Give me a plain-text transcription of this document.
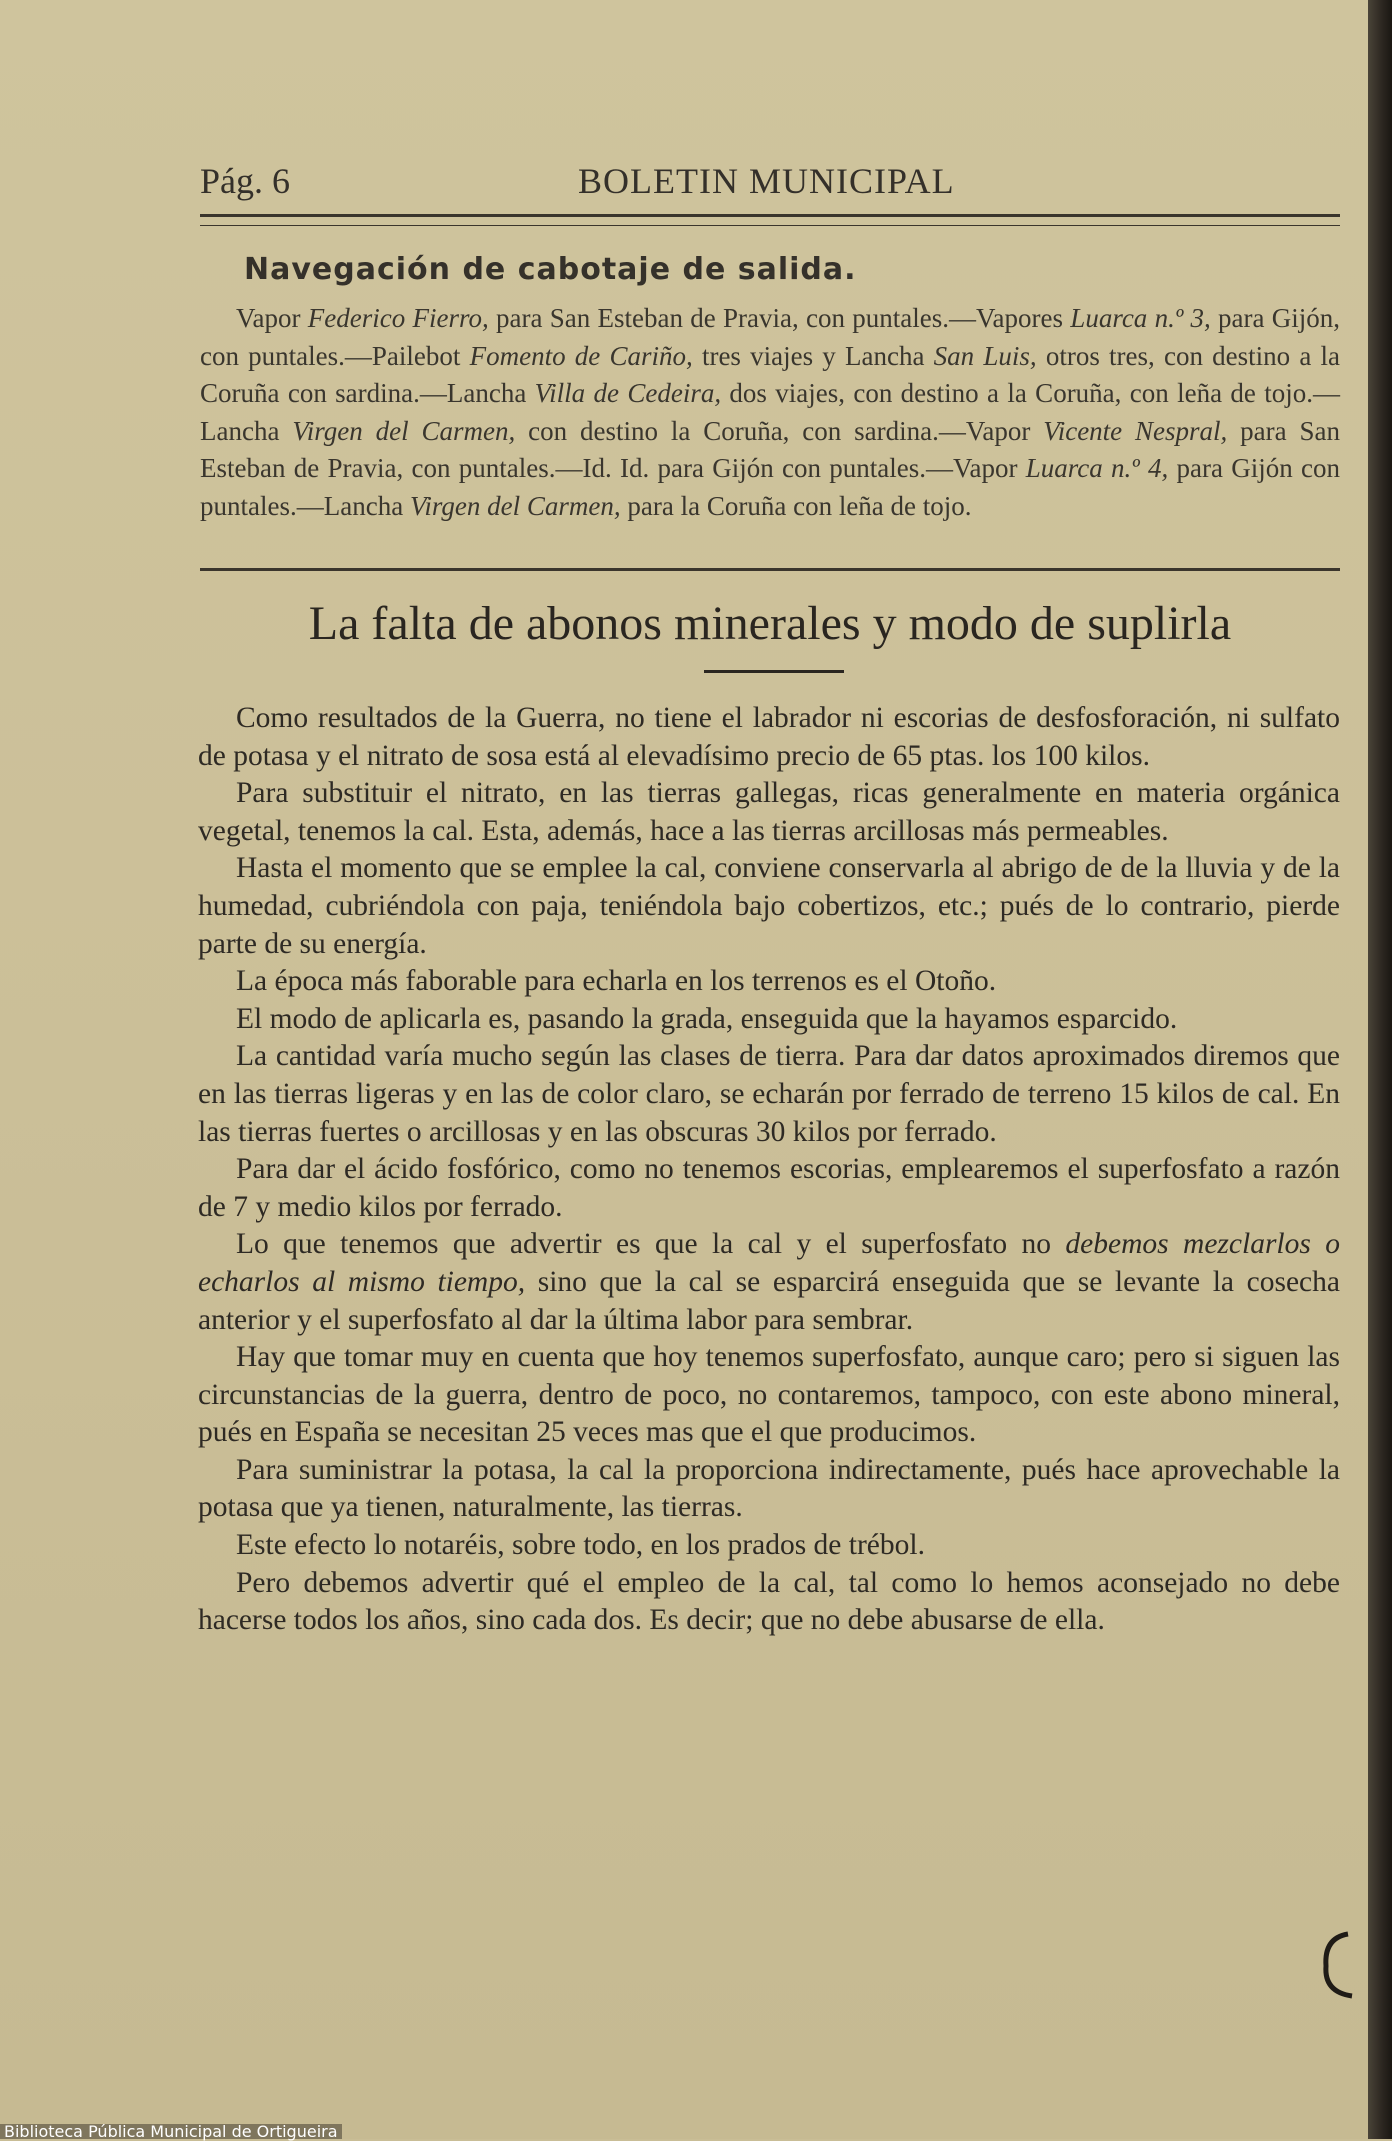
Pág. 6	BOLETIN MUNICIPAL
Navegación de cabotaje de salida.
Vapor Federico Fierro, para San Esteban de Pravia, con puntales.—Vapores Luarca n.º 3, para Gijón, con puntales.—Pailebot Fomento de Cariño, tres viajes y Lancha San Luis, otros tres, con destino a la Coruña con sardina.—Lancha Villa de Cedeira, dos viajes, con destino a la Coruña, con leña de tojo.—Lancha Virgen del Carmen, con destino la Coruña, con sardina.—Vapor Vicente Nespral, para San Esteban de Pravia, con puntales.—Id. Id. para Gijón con puntales.—Vapor Luarca n.º 4, para Gijón con puntales.—Lancha Virgen del Carmen, para la Coruña con leña de tojo.
La falta de abonos minerales y modo de suplirla

Como resultados de la Guerra, no tiene el labrador ni escorias de desfosforación, ni sulfato de potasa y el nitrato de sosa está al elevadísimo precio de 65 ptas. los 100 kilos.

Para substituir el nitrato, en las tierras gallegas, ricas generalmente en materia orgánica vegetal, tenemos la cal. Esta, además, hace a las tierras arcillosas más permeables.

Hasta el momento que se emplee la cal, conviene conservarla al abrigo de de la lluvia y de la humedad, cubriéndola con paja, teniéndola bajo cobertizos, etc.; pués de lo contrario, pierde parte de su energía.

La época más faborable para echarla en los terrenos es el Otoño.

El modo de aplicarla es, pasando la grada, enseguida que la hayamos esparcido.

La cantidad varía mucho según las clases de tierra. Para dar datos aproximados diremos que en las tierras ligeras y en las de color claro, se echarán por ferrado de terreno 15 kilos de cal. En las tierras fuertes o arcillosas y en las obscuras 30 kilos por ferrado.

Para dar el ácido fosfórico, como no tenemos escorias, emplearemos el superfosfato a razón de 7 y medio kilos por ferrado.

Lo que tenemos que advertir es que la cal y el superfosfato no debemos mezclarlos o echarlos al mismo tiempo, sino que la cal se esparcirá enseguida que se levante la cosecha anterior y el superfosfato al dar la última labor para sembrar.

Hay que tomar muy en cuenta que hoy tenemos superfosfato, aunque caro; pero si siguen las circunstancias de la guerra, dentro de poco, no contaremos, tampoco, con este abono mineral, pués en España se necesitan 25 veces mas que el que producimos.

Para suministrar la potasa, la cal la proporciona indirectamente, pués hace aprovechable la potasa que ya tienen, naturalmente, las tierras.

Este efecto lo notaréis, sobre todo, en los prados de trébol.

Pero debemos advertir qué el empleo de la cal, tal como lo hemos aconsejado no debe hacerse todos los años, sino cada dos. Es decir; que no debe abusarse de ella.

Biblioteca Pública Municipal de Ortigueira
